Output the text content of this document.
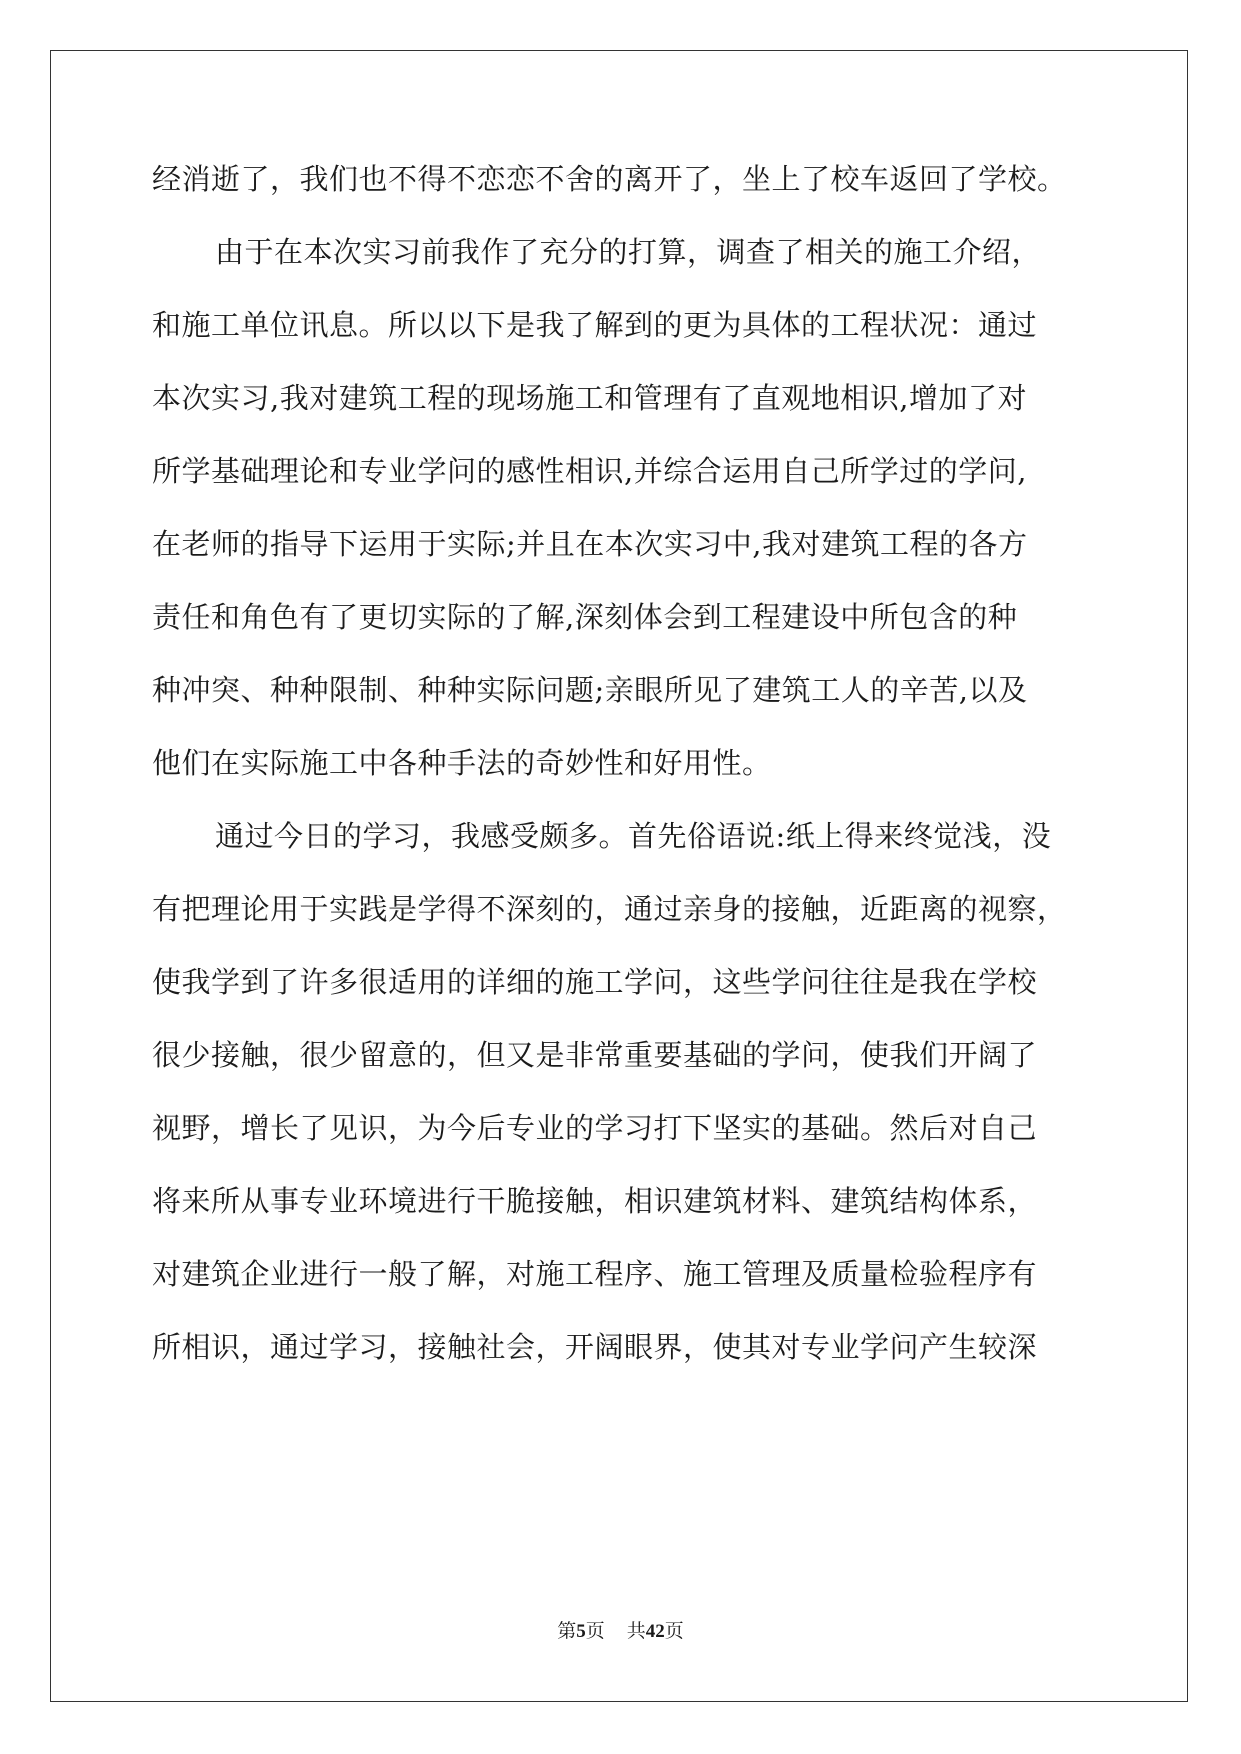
经消逝了，我们也不得不恋恋不舍的离开了，坐上了校车返回了学校。
由于在本次实习前我作了充分的打算，调查了相关的施工介绍，
和施工单位讯息。所以以下是我了解到的更为具体的工程状况：通过
本次实习,我对建筑工程的现场施工和管理有了直观地相识,增加了对
所学基础理论和专业学问的感性相识,并综合运用自己所学过的学问,
在老师的指导下运用于实际;并且在本次实习中,我对建筑工程的各方
责任和角色有了更切实际的了解,深刻体会到工程建设中所包含的种
种冲突、种种限制、种种实际问题;亲眼所见了建筑工人的辛苦,以及
他们在实际施工中各种手法的奇妙性和好用性。
通过今日的学习，我感受颇多。首先俗语说:纸上得来终觉浅，没
有把理论用于实践是学得不深刻的，通过亲身的接触，近距离的视察，
使我学到了许多很适用的详细的施工学问，这些学问往往是我在学校
很少接触，很少留意的，但又是非常重要基础的学问，使我们开阔了
视野，增长了见识，为今后专业的学习打下坚实的基础。然后对自己
将来所从事专业环境进行干脆接触，相识建筑材料、建筑结构体系，
对建筑企业进行一般了解，对施工程序、施工管理及质量检验程序有
所相识，通过学习，接触社会，开阔眼界，使其对专业学问产生较深
第5页 共42页
